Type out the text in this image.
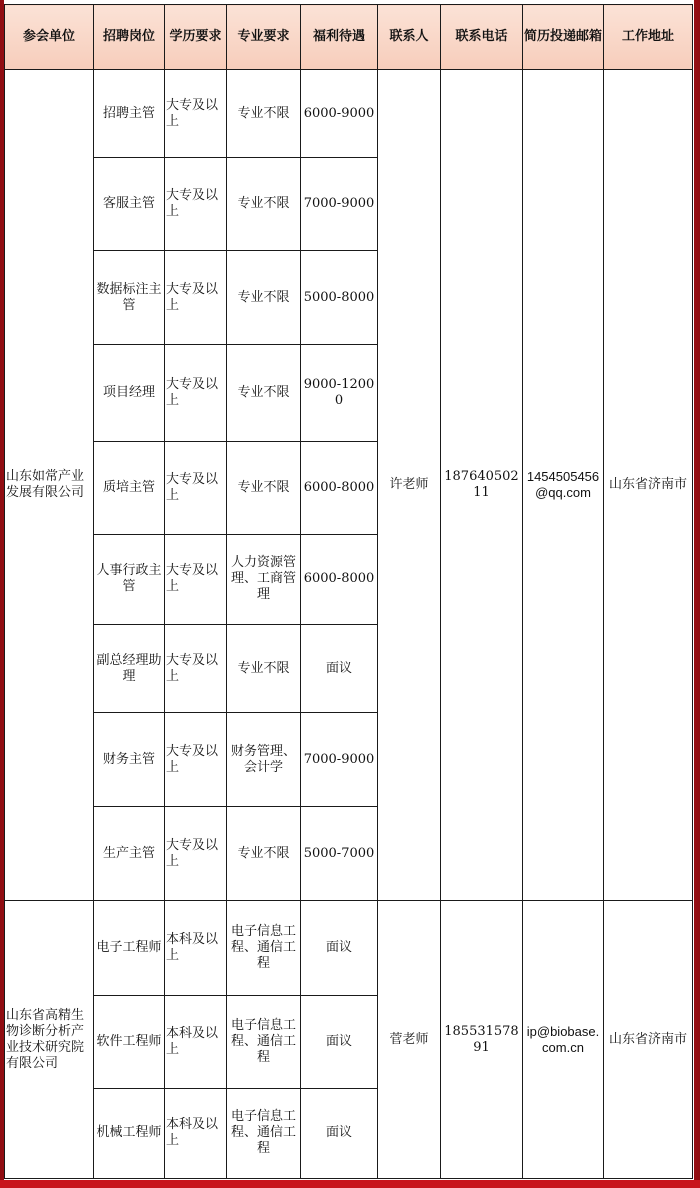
参会单位	招聘岗位	学历要求	专业要求	福利待遇	联系人	联系电话	简历投递邮箱	工作地址
山东如常产业发展有限公司	招聘主管	大专及以上	专业不限	6000-9000	许老师	18764050211	1454505456@qq.com	山东省济南市
	客服主管	大专及以上	专业不限	7000-9000				
	数据标注主管	大专及以上	专业不限	5000-8000				
	项目经理	大专及以上	专业不限	9000-12000				
	质培主管	大专及以上	专业不限	6000-8000				
	人事行政主管	大专及以上	人力资源管理、工商管理	6000-8000				
	副总经理助理	大专及以上	专业不限	面议				
	财务主管	大专及以上	财务管理、会计学	7000-9000				
	生产主管	大专及以上	专业不限	5000-7000				
山东省高精生物诊断分析产业技术研究院有限公司	电子工程师	本科及以上	电子信息工程、通信工程	面议	菅老师	18553157891	ip@biobase.com.cn	山东省济南市
	软件工程师	本科及以上	电子信息工程、通信工程	面议				
	机械工程师	本科及以上	电子信息工程、通信工程	面议				
